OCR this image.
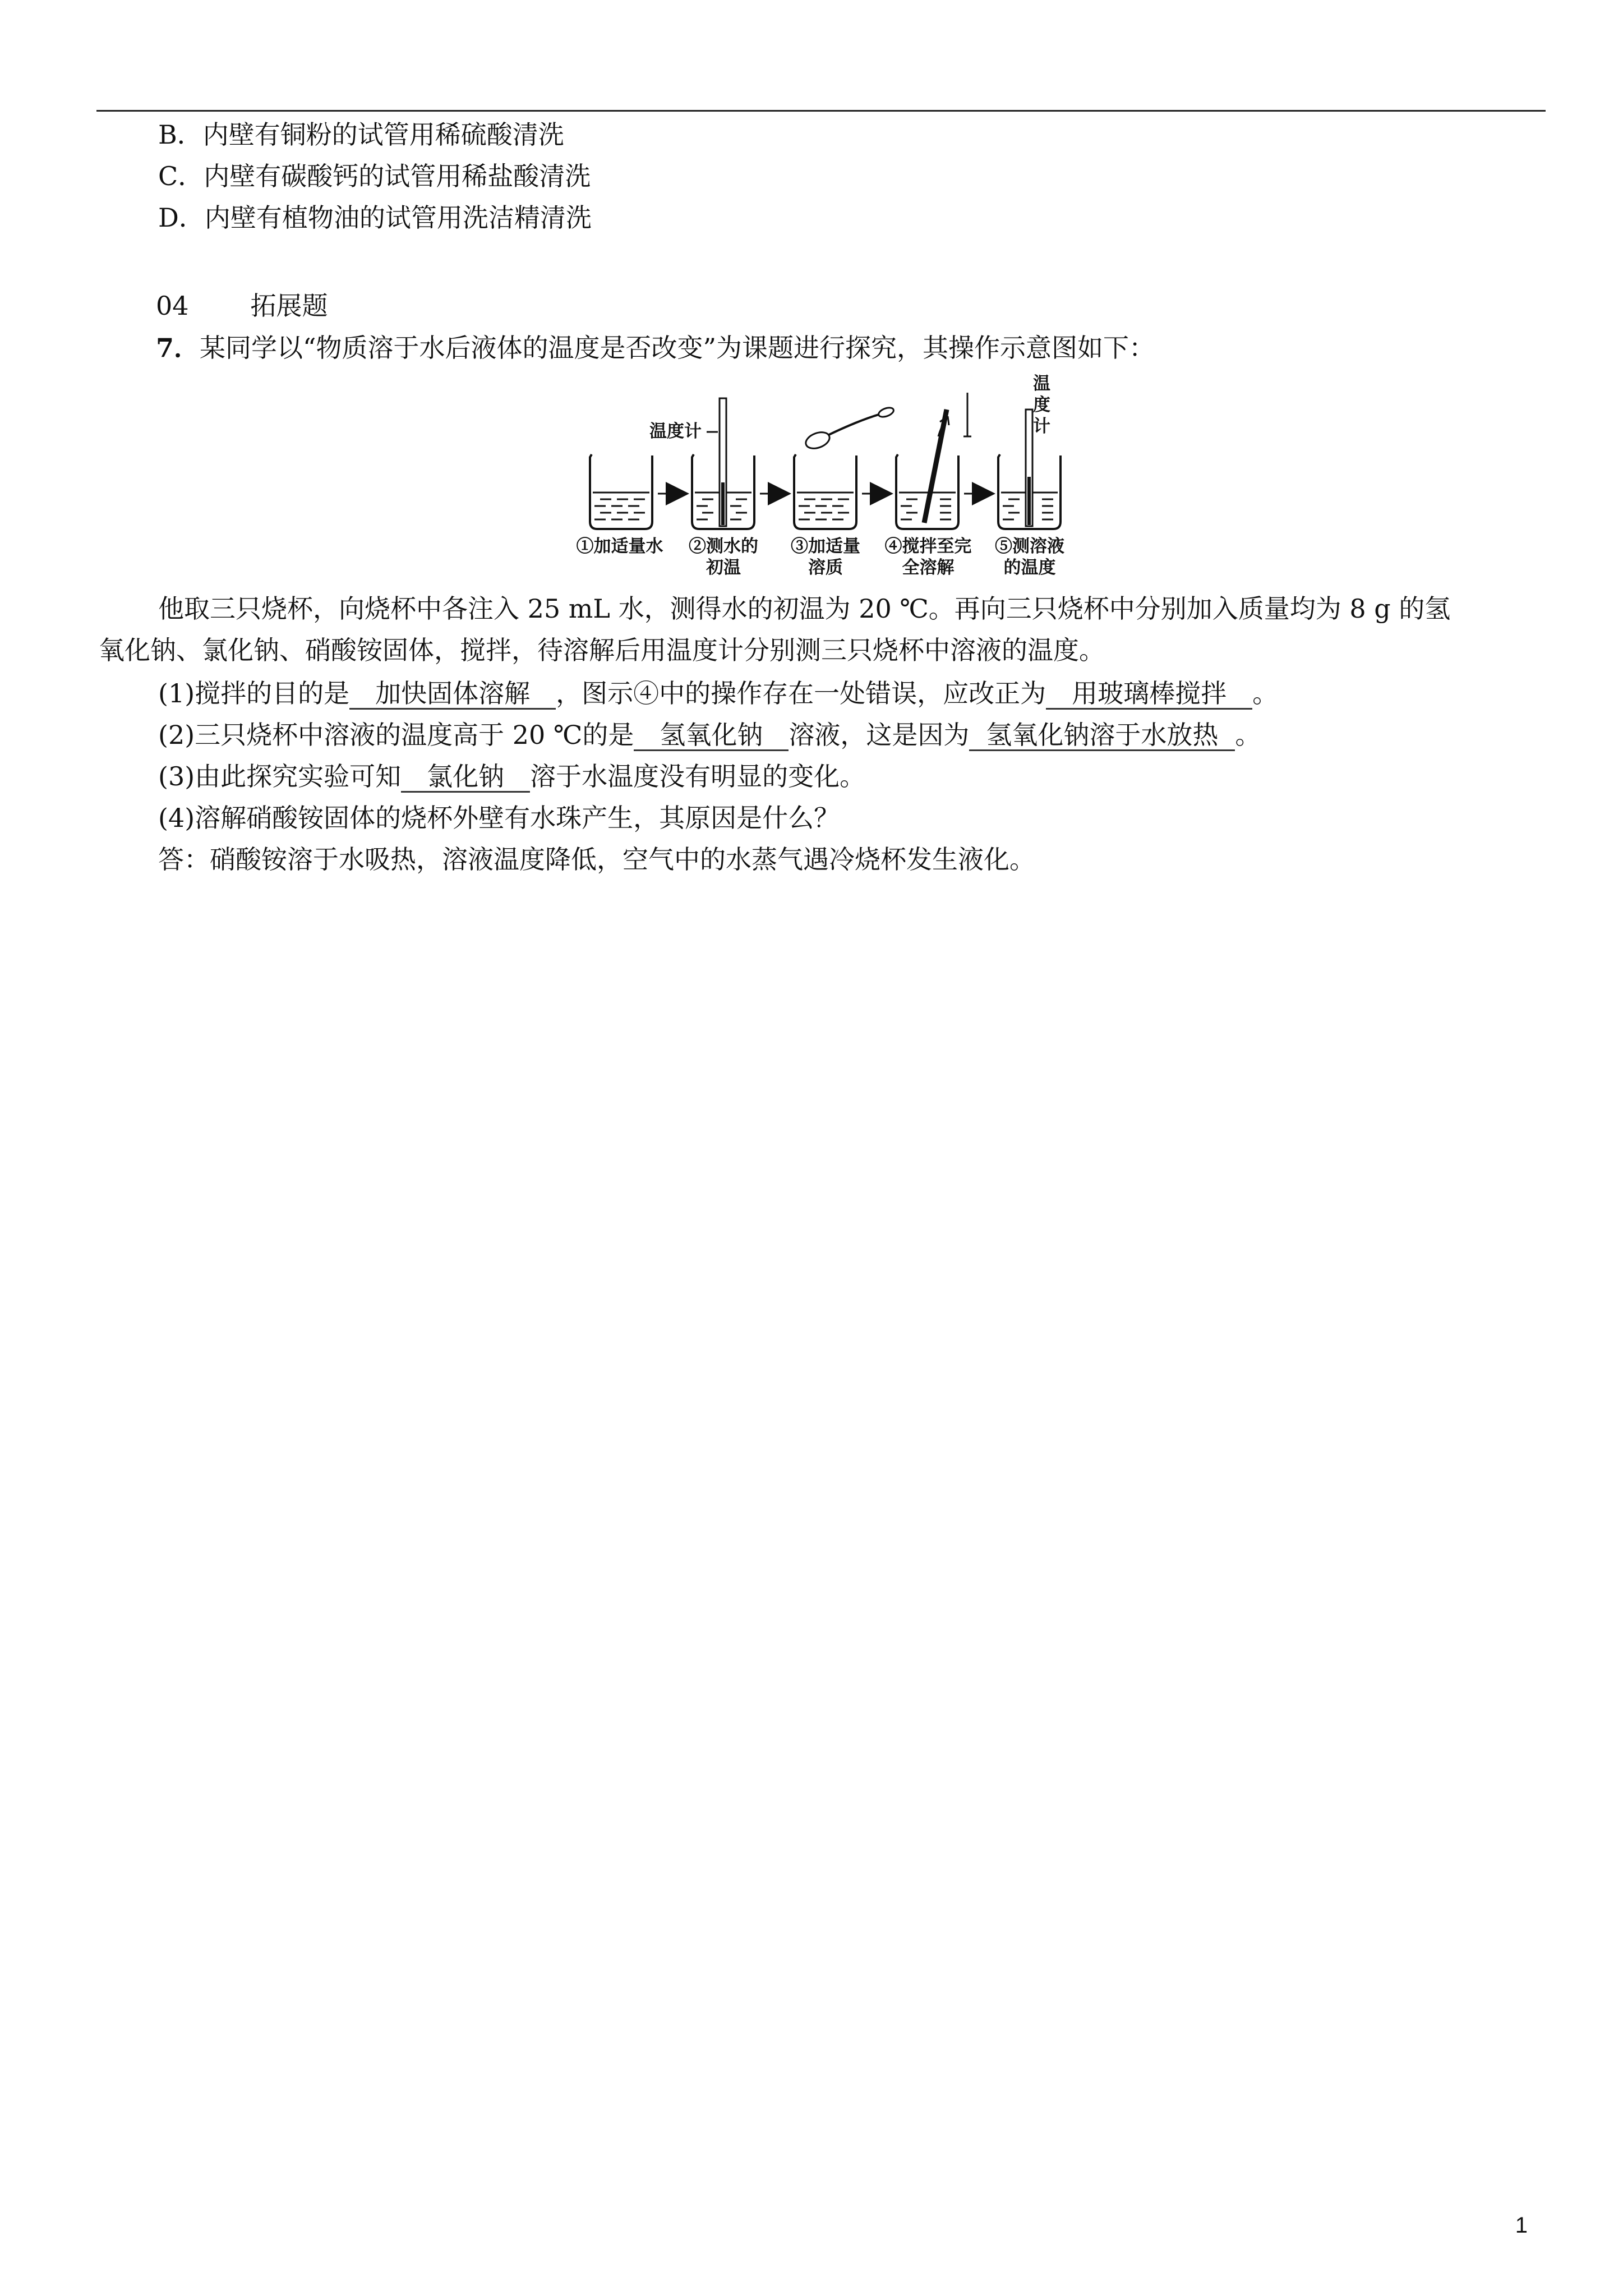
B．内壁有铜粉的试管用稀硫酸清洗
C．内壁有碳酸钙的试管用稀盐酸清洗
D．内壁有植物油的试管用洗洁精清洗
04 拓展题
7．某同学以“物质溶于水后液体的温度是否改变”为课题进行探究，其操作示意图如下：
温度计
温
度
计
①加适量水	②测水的
初温
③加适量
溶质
④搅拌至完
全溶解
⑤测溶液
的温度
他取三只烧杯，向烧杯中各注入 25 mL 水，测得水的初温为 20 ℃。再向三只烧杯中分别加入质量均为 8 g 的氢
氧化钠、氯化钠、硝酸铵固体，搅拌，待溶解后用温度计分别测三只烧杯中溶液的温度。
(1)搅拌的目的是 加快固体溶解 ，图示④中的操作存在一处错误，应改正为 用玻璃棒搅拌 。
(2)三只烧杯中溶液的温度高于 20 ℃的是 氢氧化钠 溶液，这是因为 氢氧化钠溶于水放热 。
(3)由此探究实验可知 氯化钠 溶于水温度没有明显的变化。
(4)溶解硝酸铵固体的烧杯外壁有水珠产生，其原因是什么？
答：硝酸铵溶于水吸热，溶液温度降低，空气中的水蒸气遇冷烧杯发生液化。
1
